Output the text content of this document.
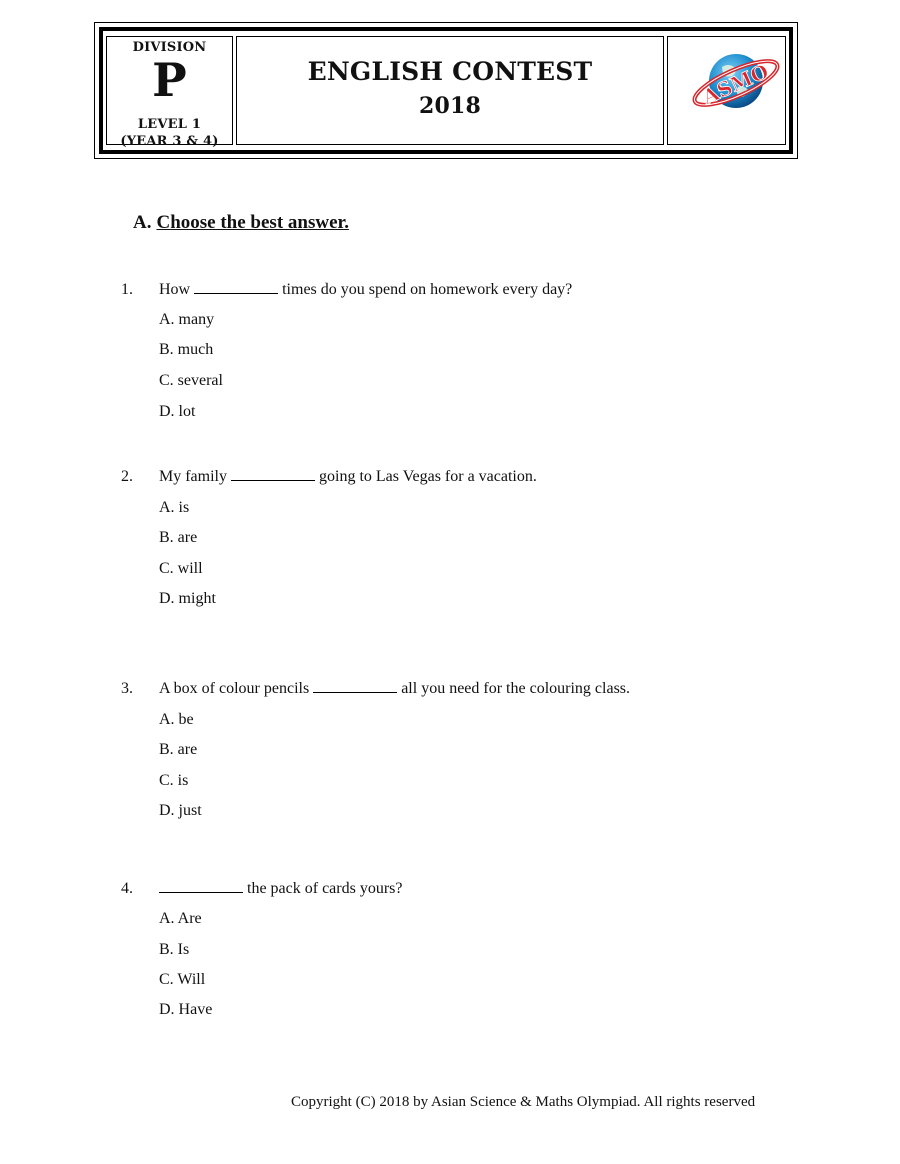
DIVISION
P
LEVEL 1
(YEAR 3 & 4)
ENGLISH CONTEST
2018	ASMO
A. Choose the best answer.
1. How	times do you spend on homework every day?
A. many
B. much
C. several
D. lot
2. My family	going to Las Vegas for a vacation.
A. is
B. are
C. will
D. might
3. A box of colour pencils	all you need for the colouring class.
A. be
B. are
C. is
D. just
4.	the pack of cards yours?
A. Are
B. Is
C. Will
D. Have
Copyright (C) 2018 by Asian Science & Maths Olympiad. All rights reserved
